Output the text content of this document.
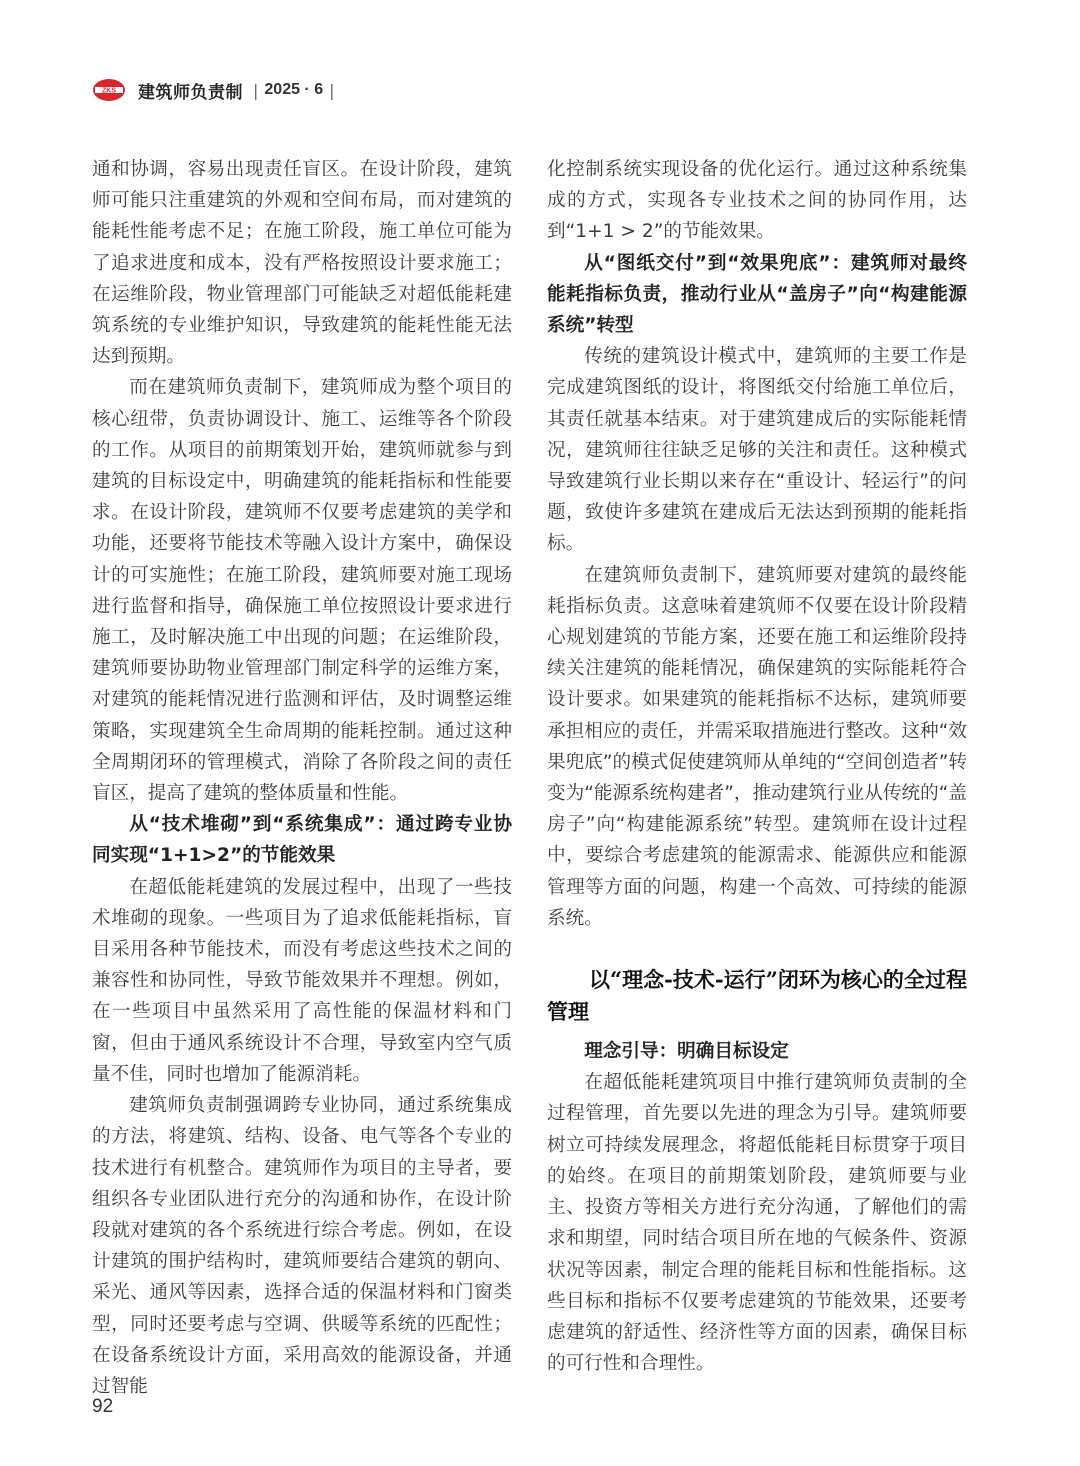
ZKS 建筑师负责制 | 2025 · 6 |

通和协调，容易出现责任盲区。在设计阶段，建筑师可能只注重建筑的外观和空间布局，而对建筑的能耗性能考虑不足；在施工阶段，施工单位可能为了追求进度和成本，没有严格按照设计要求施工；在运维阶段，物业管理部门可能缺乏对超低能耗建筑系统的专业维护知识，导致建筑的能耗性能无法达到预期。

而在建筑师负责制下，建筑师成为整个项目的核心纽带，负责协调设计、施工、运维等各个阶段的工作。从项目的前期策划开始，建筑师就参与到建筑的目标设定中，明确建筑的能耗指标和性能要求。在设计阶段，建筑师不仅要考虑建筑的美学和功能，还要将节能技术等融入设计方案中，确保设计的可实施性；在施工阶段，建筑师要对施工现场进行监督和指导，确保施工单位按照设计要求进行施工，及时解决施工中出现的问题；在运维阶段，建筑师要协助物业管理部门制定科学的运维方案，对建筑的能耗情况进行监测和评估，及时调整运维策略，实现建筑全生命周期的能耗控制。通过这种全周期闭环的管理模式，消除了各阶段之间的责任盲区，提高了建筑的整体质量和性能。

从“技术堆砌”到“系统集成”：通过跨专业协同实现“1+1>2”的节能效果

在超低能耗建筑的发展过程中，出现了一些技术堆砌的现象。一些项目为了追求低能耗指标，盲目采用各种节能技术，而没有考虑这些技术之间的兼容性和协同性，导致节能效果并不理想。例如，在一些项目中虽然采用了高性能的保温材料和门窗，但由于通风系统设计不合理，导致室内空气质量不佳，同时也增加了能源消耗。

建筑师负责制强调跨专业协同，通过系统集成的方法，将建筑、结构、设备、电气等各个专业的技术进行有机整合。建筑师作为项目的主导者，要组织各专业团队进行充分的沟通和协作，在设计阶段就对建筑的各个系统进行综合考虑。例如，在设计建筑的围护结构时，建筑师要结合建筑的朝向、采光、通风等因素，选择合适的保温材料和门窗类型，同时还要考虑与空调、供暖等系统的匹配性；在设备系统设计方面，采用高效的能源设备，并通过智能

化控制系统实现设备的优化运行。通过这种系统集成的方式，实现各专业技术之间的协同作用，达到“1+1 > 2”的节能效果。

从“图纸交付”到“效果兜底”：建筑师对最终能耗指标负责，推动行业从“盖房子”向“构建能源系统”转型

传统的建筑设计模式中，建筑师的主要工作是完成建筑图纸的设计，将图纸交付给施工单位后，其责任就基本结束。对于建筑建成后的实际能耗情况，建筑师往往缺乏足够的关注和责任。这种模式导致建筑行业长期以来存在“重设计、轻运行”的问题，致使许多建筑在建成后无法达到预期的能耗指标。

在建筑师负责制下，建筑师要对建筑的最终能耗指标负责。这意味着建筑师不仅要在设计阶段精心规划建筑的节能方案，还要在施工和运维阶段持续关注建筑的能耗情况，确保建筑的实际能耗符合设计要求。如果建筑的能耗指标不达标，建筑师要承担相应的责任，并需采取措施进行整改。这种“效果兜底”的模式促使建筑师从单纯的“空间创造者”转变为“能源系统构建者”，推动建筑行业从传统的“盖房子”向“构建能源系统”转型。建筑师在设计过程中，要综合考虑建筑的能源需求、能源供应和能源管理等方面的问题，构建一个高效、可持续的能源系统。

以“理念-技术-运行”闭环为核心的全过程管理

理念引导：明确目标设定

在超低能耗建筑项目中推行建筑师负责制的全过程管理，首先要以先进的理念为引导。建筑师要树立可持续发展理念，将超低能耗目标贯穿于项目的始终。在项目的前期策划阶段，建筑师要与业主、投资方等相关方进行充分沟通，了解他们的需求和期望，同时结合项目所在地的气候条件、资源状况等因素，制定合理的能耗目标和性能指标。这些目标和指标不仅要考虑建筑的节能效果，还要考虑建筑的舒适性、经济性等方面的因素，确保目标的可行性和合理性。

92
